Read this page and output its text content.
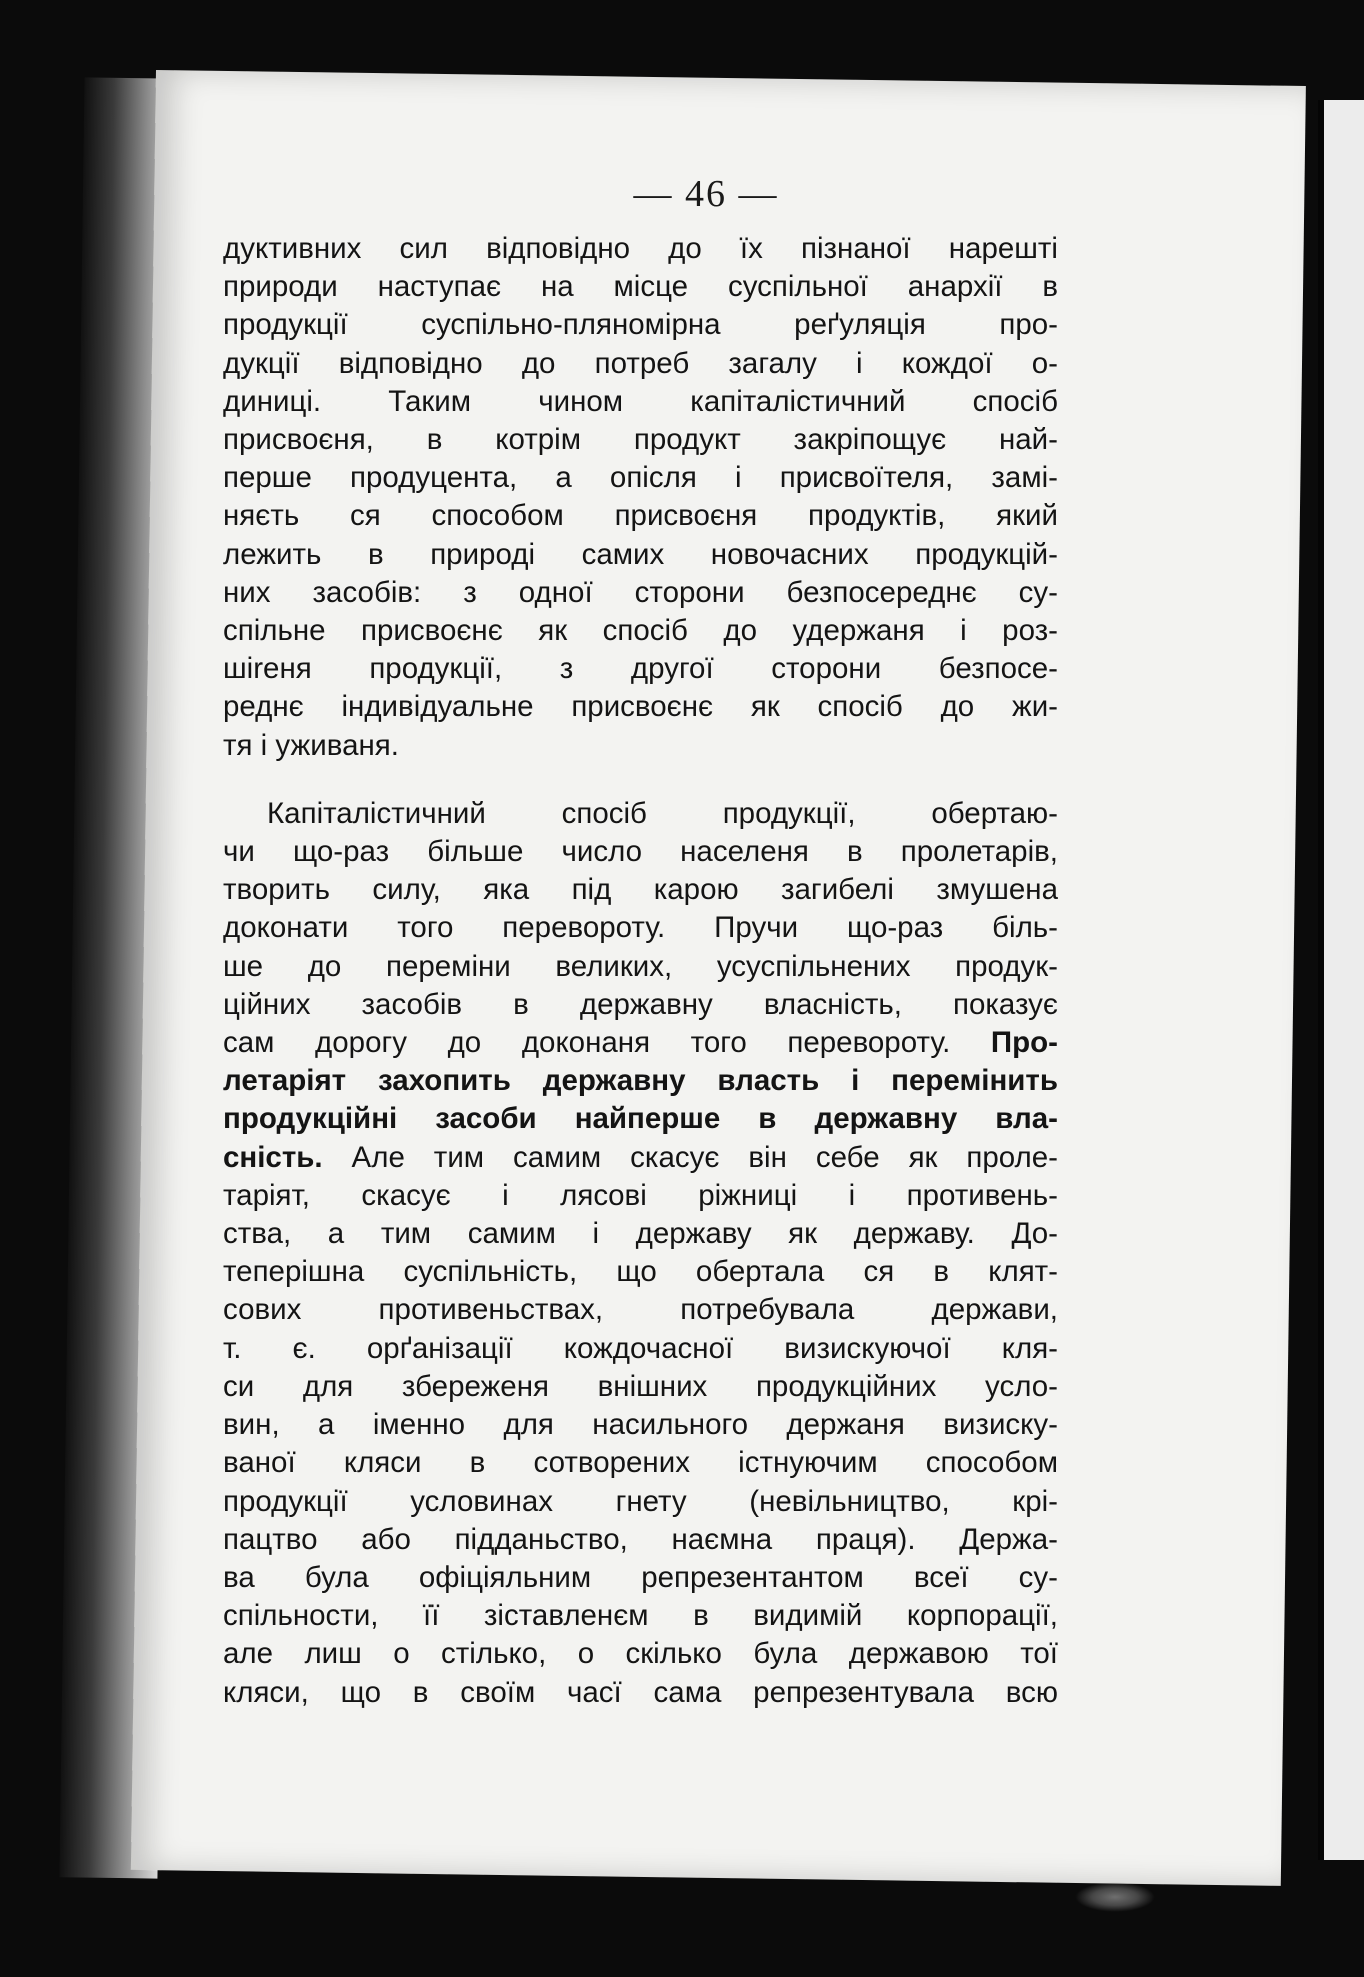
— 46 —
дуктивних сил відповідно до їх пізнаної нарешті
природи наступає на місце суспільної анархії в
продукції суспільно-пляномірна реґуляція про-
дукції відповідно до потреб загалу і кождої о-
диниці. Таким чином капіталістичний спосіб
присвоєня, в котрім продукт закріпощує най-
перше продуцента, а опісля і присвоїтеля, замі-
няєть ся способом присвоєня продуктів, який
лежить в природі самих новочасних продукцій-
них засобів: з одної сторони безпосереднє су-
спільне присвоєнє як спосіб до удержаня і роз-
шireня продукції, з другої сторони безпосе-
реднє індивідуальне присвоєнє як спосіб до жи-
тя і уживаня.
Капіталістичний спосіб продукції, обертаю-
чи що-раз більше число населеня в пролетарів,
творить силу, яка під карою загибелі змушена
доконати того перевороту. Пручи що-раз біль-
ше до переміни великих, усуспільнених продук-
ційних засобів в державну власність, показує
сам дорогу до доконаня того перевороту. Про-
летаріят захопить державну власть і перемінить
продукційні засоби найперше в державну вла-
сність. Але тим самим скасує він себе як проле-
таріят, скасує і ляcові ріжниці і противень-
ства, а тим самим і державу як державу. До-
теперішна суспільність, що обертала ся в клят-
сових противеньствах, потребувала держави,
т. є. орґанізації кождочасної визискуючої кля-
си для збережeня внішних продукційних усло-
вин, а іменно для насильного держаня визиску-
ваної кляси в сотворених істнуючим способом
продукції условинах гнету (невільництво, крі-
пацтво або підданьство, наємна праця). Держа-
ва була офіціяльним репрезентантом всеї су-
спільности, її зіставленєм в видимій корпорації,
але лиш о стілько, о скілько була державою тої
кляси, що в своїм часї сама репрезентувала всю
